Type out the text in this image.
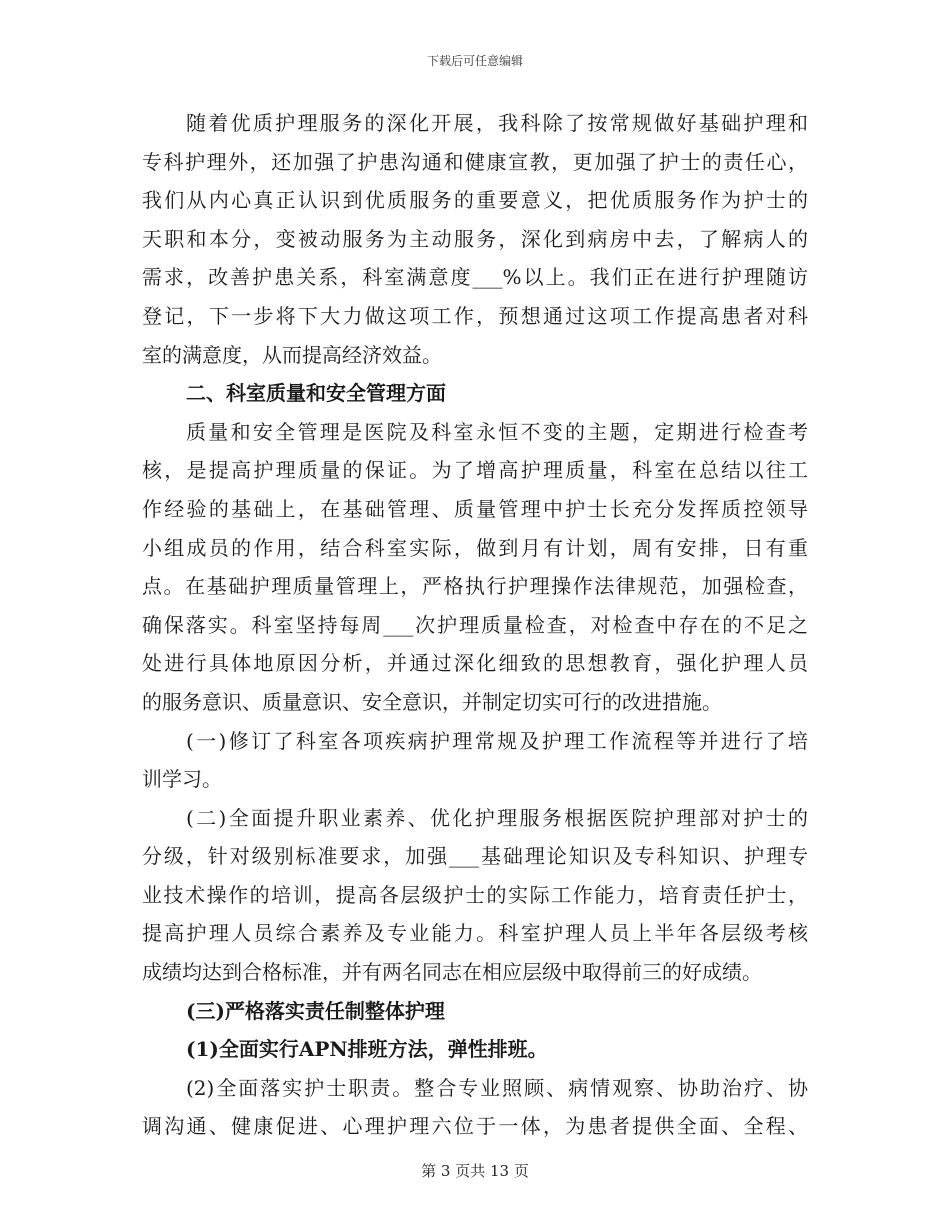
下载后可任意编辑
随着优质护理服务的深化开展，我科除了按常规做好基础护理和
专科护理外，还加强了护患沟通和健康宣教，更加强了护士的责任心，
我们从内心真正认识到优质服务的重要意义，把优质服务作为护士的
天职和本分，变被动服务为主动服务，深化到病房中去，了解病人的
需求，改善护患关系，科室满意度___%以上。我们正在进行护理随访
登记，下一步将下大力做这项工作，预想通过这项工作提高患者对科
室的满意度，从而提高经济效益。
二、科室质量和安全管理方面
质量和安全管理是医院及科室永恒不变的主题，定期进行检查考
核，是提高护理质量的保证。为了增高护理质量，科室在总结以往工
作经验的基础上，在基础管理、质量管理中护士长充分发挥质控领导
小组成员的作用，结合科室实际，做到月有计划，周有安排，日有重
点。在基础护理质量管理上，严格执行护理操作法律规范，加强检查，
确保落实。科室坚持每周___次护理质量检查，对检查中存在的不足之
处进行具体地原因分析，并通过深化细致的思想教育，强化护理人员
的服务意识、质量意识、安全意识，并制定切实可行的改进措施。
(一)修订了科室各项疾病护理常规及护理工作流程等并进行了培
训学习。
(二)全面提升职业素养、优化护理服务根据医院护理部对护士的
分级，针对级别标准要求，加强___基础理论知识及专科知识、护理专
业技术操作的培训，提高各层级护士的实际工作能力，培育责任护士，
提高护理人员综合素养及专业能力。科室护理人员上半年各层级考核
成绩均达到合格标准，并有两名同志在相应层级中取得前三的好成绩。
(三)严格落实责任制整体护理
(1)全面实行APN排班方法，弹性排班。
(2)全面落实护士职责。整合专业照顾、病情观察、协助治疗、协
调沟通、健康促进、心理护理六位于一体，为患者提供全面、全程、
第 3 页共 13 页
